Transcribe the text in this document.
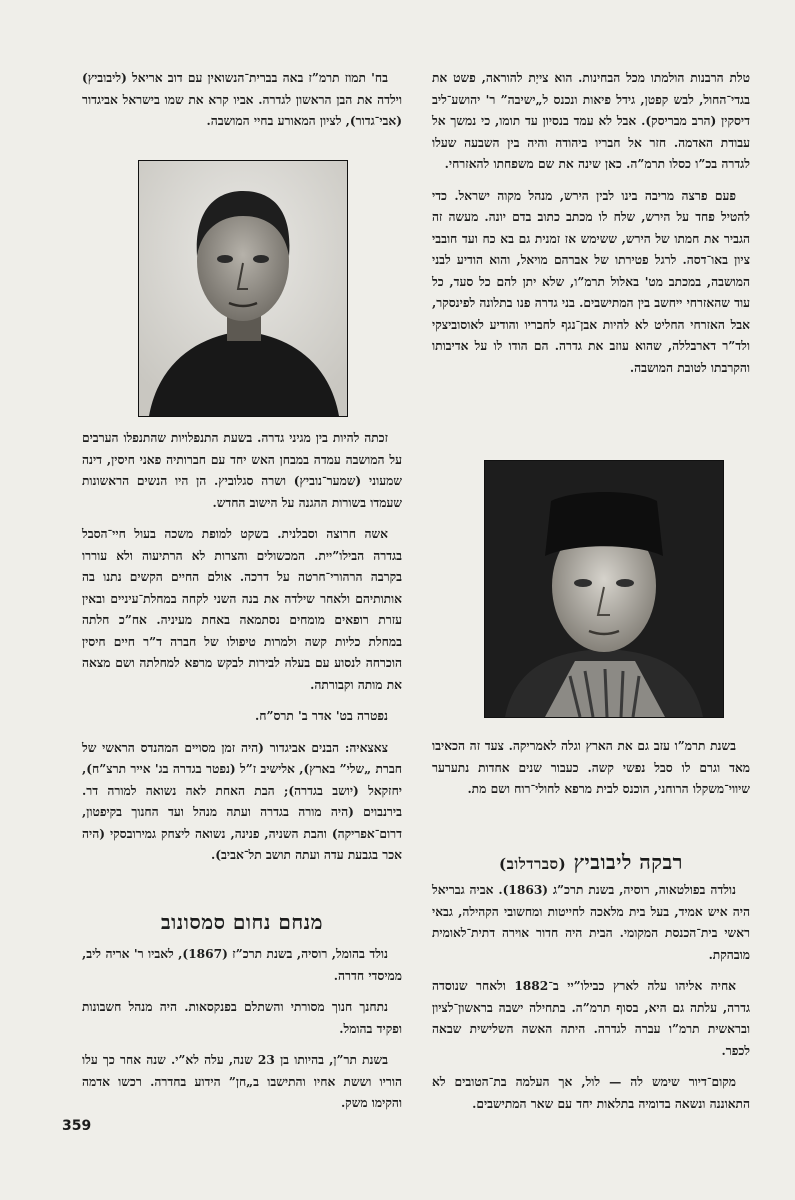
טלת הרבנות הולמתו מכל הבחינות. הוא צייַת להוראה, פשט את בגדי־החול, לבש קפטן, גידל פיאות ונכנס ל„ישיבה” ר' יהושע־ליב דיסקין (הרב מבריסק). אבל לא עמד בנסיון עד תומו, כי נמשך אל עבודת האדמה. חזר אל חבריו ביהודה והיה בין השבעה שעלו לגדרה בכ”ו כסלו תרמ”ה. כאן שינה את שם משפחתו להאזרחי.

פעם פרצה מריבה בינו לבין הירש, מנהל מקוה ישראל. כדי להטיל פחד על הירש, שלח לו מכתב כתוב בדם יונה. מעשה זה הגביר את חמתו של הירש, ששימש אז זמנית גם בא כח ועד חובבי ציון באו־דסה. לרגל פטירתו של אברהם מויאל, והוא הודיע לבני המושבה, במכתב מט' באלול תרמ”ו, שלא יתן להם כל סעד, כל עוד שהאזרחי ייחשב בין המתישבים. בני גדרה פנו בתלונה לפינסקר, אבל האזרחי החליט לא להיות אבן־נגף לחבריו והודיע לאוסוביצקי ולד”ר דארבללה, שהוא עוזב את גדרה. הם הודו לו על אדיבותו והקרבתו לטובת המושבה.

בח' תמוז תרמ”ז באה בברית־הנשואין עם דוב אריאל (ליבוביץ) וילדה את הבן הראשון לגדרה. אביו קרא את שמו בישראל אביגדור (אבי־גדור), לציון המאורע בחיי המושבה.

זכתה להיות בין מגיני גדרה. בשעת התנפלויות שהתנפלו הערבים על המושבה עמדה במבחן האש יחד עם חברותיה פאני חיסין, דינה שמעוני (שמער־נוביץ) ושרה סגלוביץ. הן היו הנשים הראשונות שעמדו בשורות ההגנה על הישוב החדש.

אשה חרוצה וסבלנית. בשקט למופת משכה בעול חיי־הסבל בגדרה הבילו”יית. המכשולים והצרות לא הרתיעוה ולא עוררו בקרבה הרהורי־חרטה על דרכה. אולם החיים הקשים נתנו בה אותותיהם ולאחר שילדה את בנה השני לקחה במחלת־עיניים ובאין עזרת רופאים מומחים נסתמאה באחת מעיניה. אח”כ חלתה במחלת כליות קשה ולמרות טיפולו של חברה ד”ר חיים חיסין הוכרחה לנסוע עם בעלה לבירות לבקש מרפא למחלתה ושם מצאה את מותה וקבורתה.

נפטרה בט' אדר ב' תרס”ח.

צאצאיה: הבנים אביגדור (היה זמן מסויים המהנדס הראשי של חברת „שלי” בארץ), אלישיב ז”ל (נפטר בגדרה בג' אייר תרצ”ח), יחזקאל (יושב בגדרה); הבת האחת לאה נשואה למורה דר. בירנבוים (היה מורה בגדרה ועתה מנהל ועד החנוך בקיפטון, דרום־אפריקה) והבת השניה, פנינה, נשואה ליצחק גמירובסקי (היה אכר בגבעת עדה ועתה תושב תל־אביב).

מנחם נחום סמסונוב

נולד בהומל, רוסיה, בשנת תרכ”ז (1867), לאביו ר' אריה ליב, ממיסדי חדרה.

נתחנך חנוך מסורתי והשתלם בפנקסאות. היה מנהל חשבונות ופקיד בהומל.

בשנת תר”ן, בהיותו בן 23 שנה, עלה לא”י. שנה אחר כך עלו הוריו וששת אחיו והתישבו ב„חן” הידוע בחדרה. רכשו אדמה והקימו משק.

בשנת תרמ”ו עזב גם את הארץ וגלה לאמריקה. צעד זה הכאיבו מאד וגרם לו סבל נפשי קשה. כעבור שנים אחדות נתערער שיווי־משקלו הרוחני, הוכנס לבית מרפא לחולי־רוח ושם מת.

רבקה ליבוביץ (סברדלוב)

נולדה בפולטאוה, רוסיה, בשנת תרכ”ג (1863). אביה גבריאל היה איש אמיד, בעל בית מלאכה לחייטות ומחשובי הקהילה, גבאי ראשי בית־הכנסת המקומי. הבית היה חדור אוירה דתית־לאומית מובהקת.

אחיה אליהו עלה לארץ כבילו”יי ב־1882 ולאחר שנוסדה גדרה, עלתה גם היא, בסוף תרמ”ה. בתחילה ישבה בראשון־לציון ובראשית תרמ”ו עברה לגדרה. היתה האשה השלישית שבאה לכפר.

מקום־דיור שימש לה — לול, אך העלמה בת־הטובים לא התאוננה ונשאה בדומיה בתלאות יחד עם שאר המתישבים.

359
